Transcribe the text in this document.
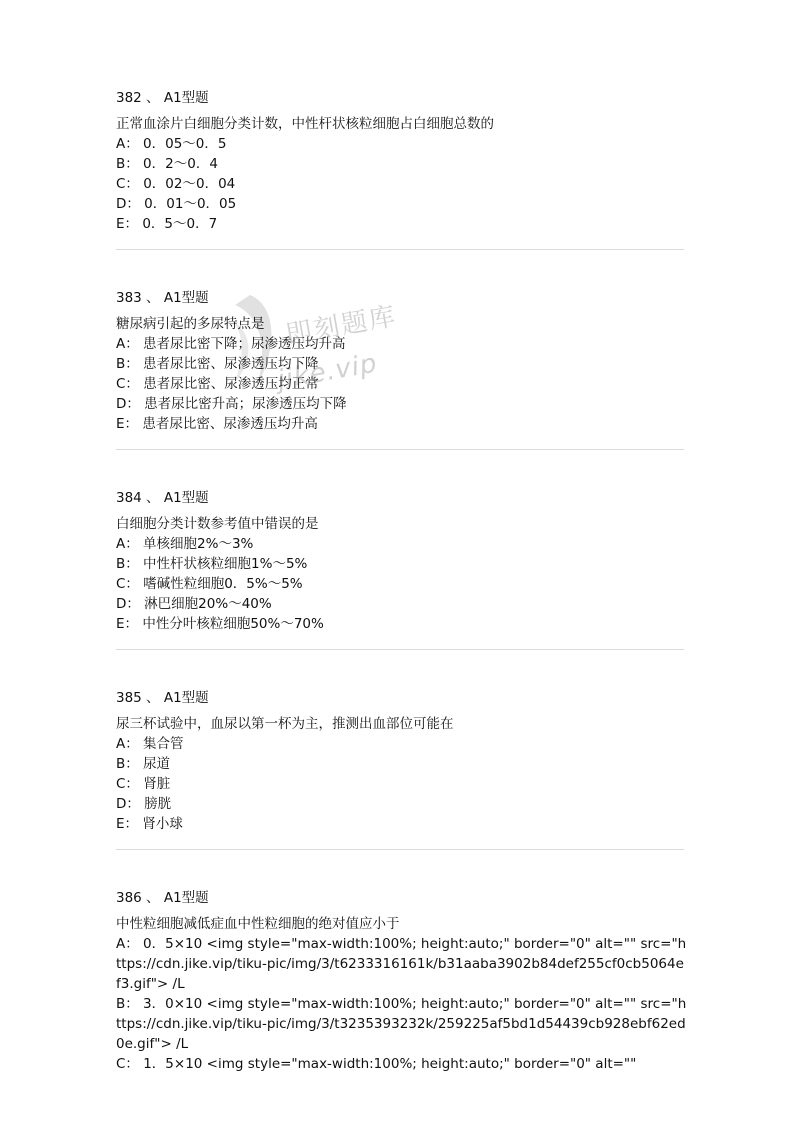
即刻题库
jike.vip
382 、 A1型题
正常血涂片白细胞分类计数，中性杆状核粒细胞占白细胞总数的
A： 0．05～0．5
B： 0．2～0．4
C： 0．02～0．04
D： 0．01～0．05
E： 0．5～0．7
383 、 A1型题
糖尿病引起的多尿特点是
A： 患者尿比密下降；尿渗透压均升高
B： 患者尿比密、尿渗透压均下降
C： 患者尿比密、尿渗透压均正常
D： 患者尿比密升高；尿渗透压均下降
E： 患者尿比密、尿渗透压均升高
384 、 A1型题
白细胞分类计数参考值中错误的是
A： 单核细胞2%～3%
B： 中性杆状核粒细胞1%～5%
C： 嗜碱性粒细胞0．5%～5%
D： 淋巴细胞20%～40%
E： 中性分叶核粒细胞50%～70%
385 、 A1型题
尿三杯试验中，血尿以第一杯为主，推测出血部位可能在
A： 集合管
B： 尿道
C： 肾脏
D： 膀胱
E： 肾小球
386 、 A1型题
中性粒细胞减低症血中性粒细胞的绝对值应小于
A： 0．5×10 <img style="max-width:100%; height:auto;" border="0" alt="" src="https://cdn.jike.vip/tiku-pic/img/3/t6233316161k/b31aaba3902b84def255cf0cb5064ef3.gif"> /L
B： 3．0×10 <img style="max-width:100%; height:auto;" border="0" alt="" src="https://cdn.jike.vip/tiku-pic/img/3/t3235393232k/259225af5bd1d54439cb928ebf62ed0e.gif"> /L
C： 1．5×10 <img style="max-width:100%; height:auto;" border="0" alt=""
